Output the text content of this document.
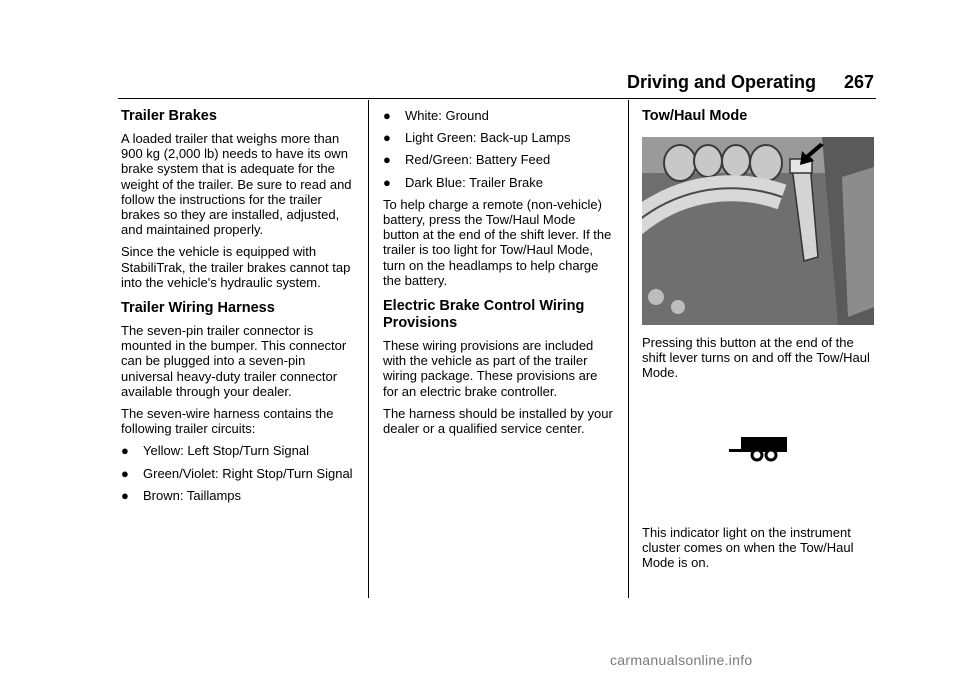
Driving and Operating 267
Trailer Brakes

A loaded trailer that weighs more than 900 kg (2,000 lb) needs to have its own brake system that is adequate for the weight of the trailer. Be sure to read and follow the instructions for the trailer brakes so they are installed, adjusted, and maintained properly.

Since the vehicle is equipped with StabiliTrak, the trailer brakes cannot tap into the vehicle's hydraulic system.

Trailer Wiring Harness

The seven-pin trailer connector is mounted in the bumper. This connector can be plugged into a seven-pin universal heavy-duty trailer connector available through your dealer.

The seven-wire harness contains the following trailer circuits:

● Yellow: Left Stop/Turn Signal
● Green/Violet: Right Stop/Turn Signal
● Brown: Taillamps
● White: Ground
● Light Green: Back-up Lamps
● Red/Green: Battery Feed
● Dark Blue: Trailer Brake

To help charge a remote (non-vehicle) battery, press the Tow/Haul Mode button at the end of the shift lever. If the trailer is too light for Tow/Haul Mode, turn on the headlamps to help charge the battery.

Electric Brake Control Wiring Provisions

These wiring provisions are included with the vehicle as part of the trailer wiring package. These provisions are for an electric brake controller.

The harness should be installed by your dealer or a qualified service center.

Tow/Haul Mode

Pressing this button at the end of the shift lever turns on and off the Tow/Haul Mode.

This indicator light on the instrument cluster comes on when the Tow/Haul Mode is on.

carmanualsonline.info
